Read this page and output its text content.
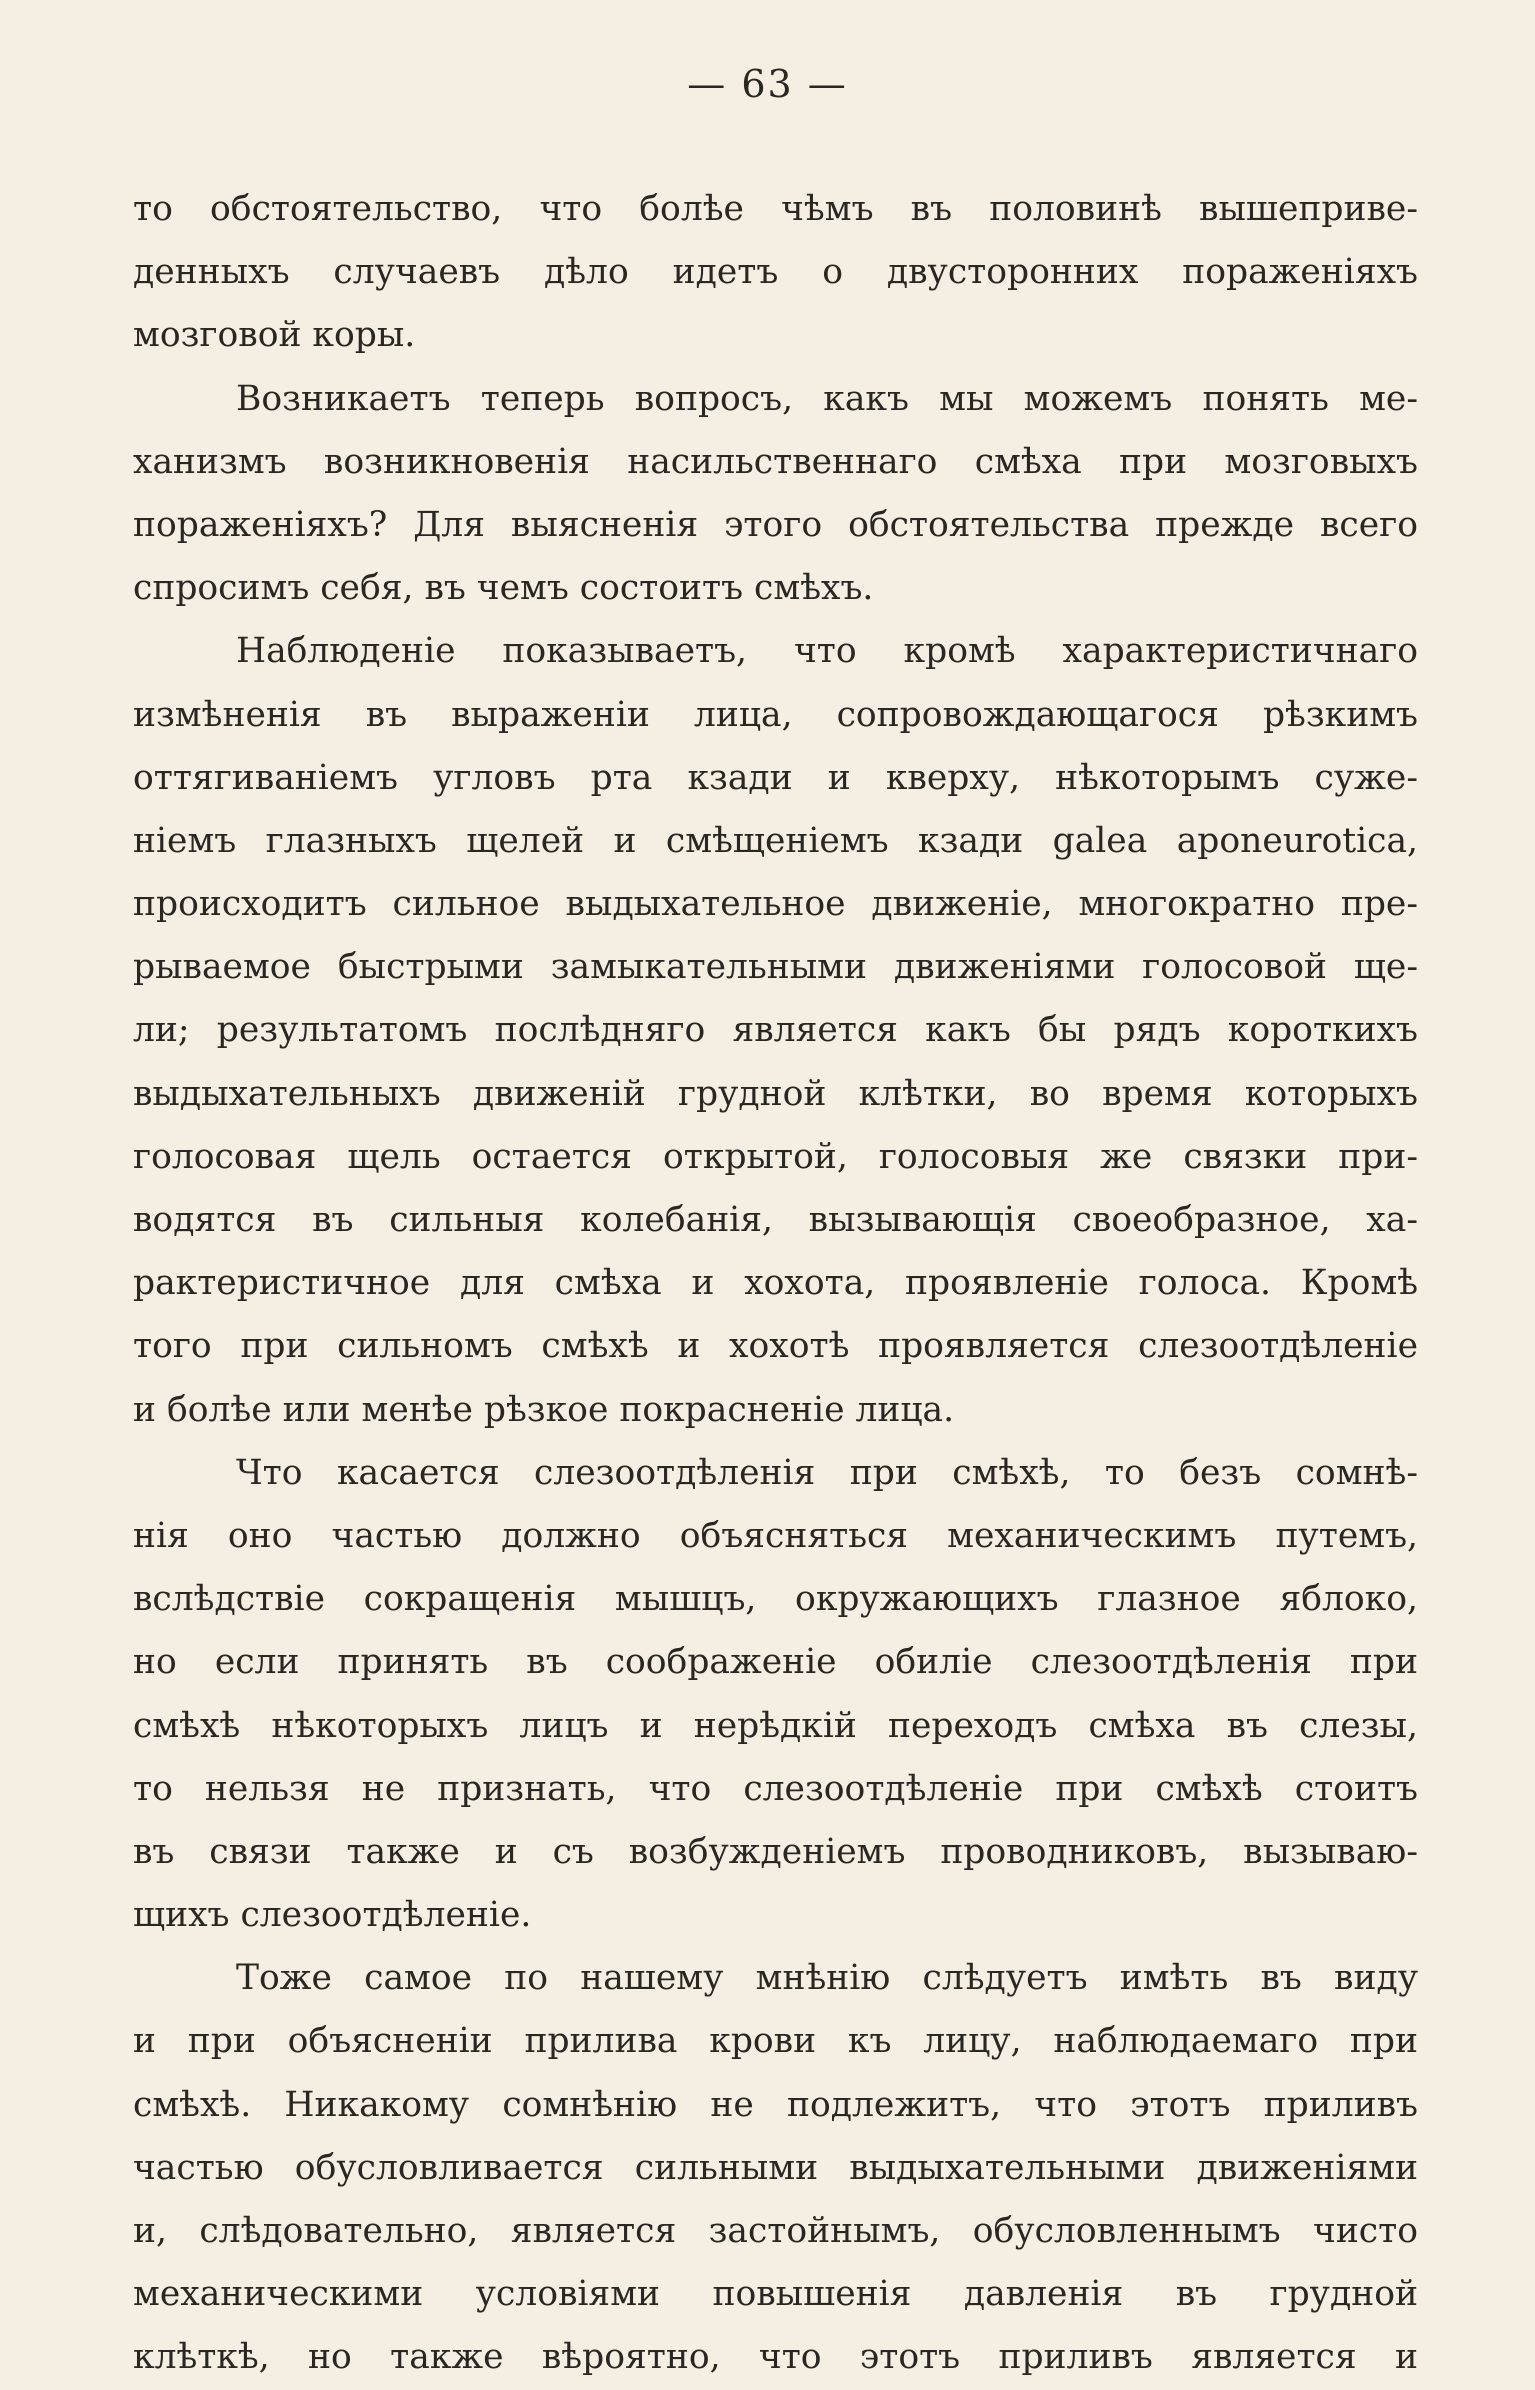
— 63 —
то обстоятельство, что болѣе чѣмъ въ половинѣ вышеприве-
денныхъ случаевъ дѣло идетъ о двусторонних пораженіяхъ
мозговой коры.
Возникаетъ теперь вопросъ, какъ мы можемъ понять ме-
ханизмъ возникновенія насильственнаго смѣха при мозговыхъ
пораженіяхъ? Для выясненія этого обстоятельства прежде всего
спросимъ себя, въ чемъ состоитъ смѣхъ.
Наблюденіе показываетъ, что кромѣ характеристичнаго
измѣненія въ выраженіи лица, сопровождающагося рѣзкимъ
оттягиваніемъ угловъ рта кзади и кверху, нѣкоторымъ суже-
ніемъ глазныхъ щелей и смѣщеніемъ кзади galea aponeurotica,
происходитъ сильное выдыхательное движеніе, многократно пре-
рываемое быстрыми замыкательными движеніями голосовой ще-
ли; результатомъ послѣдняго является какъ бы рядъ короткихъ
выдыхательныхъ движеній грудной клѣтки, во время которыхъ
голосовая щель остается открытой, голосовыя же связки при-
водятся въ сильныя колебанія, вызывающія своеобразное, ха-
рактеристичное для смѣха и хохота, проявленіе голоса. Кромѣ
того при сильномъ смѣхѣ и хохотѣ проявляется слезоотдѣленіе
и болѣе или менѣе рѣзкое покрасненіе лица.
Что касается слезоотдѣленія при смѣхѣ, то безъ сомнѣ-
нія оно частью должно объясняться механическимъ путемъ,
вслѣдствіе сокращенія мышцъ, окружающихъ глазное яблоко,
но если принять въ соображеніе обиліе слезоотдѣленія при
смѣхѣ нѣкоторыхъ лицъ и нерѣдкій переходъ смѣха въ слезы,
то нельзя не признать, что слезоотдѣленіе при смѣхѣ стоитъ
въ связи также и съ возбужденіемъ проводниковъ, вызываю-
щихъ слезоотдѣленіе.
Тоже самое по нашему мнѣнію слѣдуетъ имѣть въ виду
и при объясненіи прилива крови къ лицу, наблюдаемаго при
смѣхѣ. Никакому сомнѣнію не подлежитъ, что этотъ приливъ
частью обусловливается сильными выдыхательными движеніями
и, слѣдовательно, является застойнымъ, обусловленнымъ чисто
механическими условіями повышенія давленія въ грудной
клѣткѣ, но также вѣроятно, что этотъ приливъ является и
